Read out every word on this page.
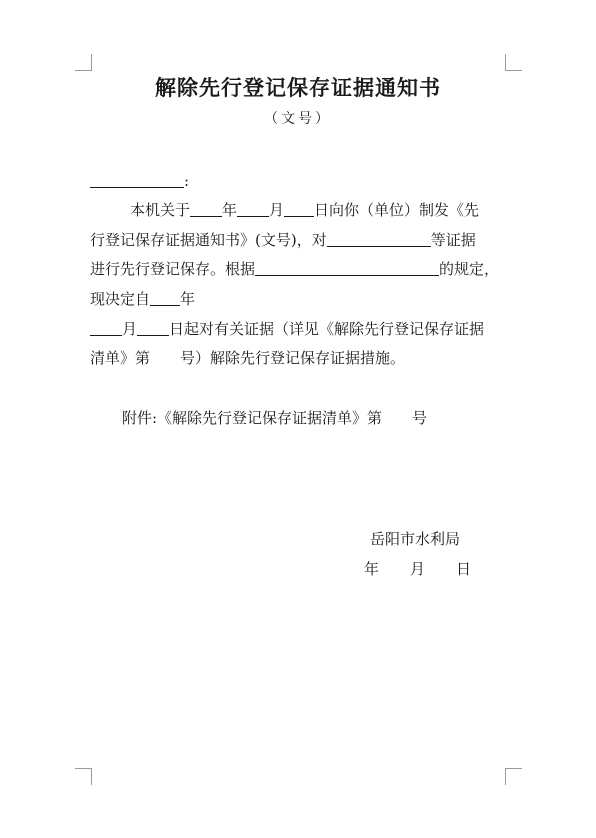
解除先行登记保存证据通知书
（文号）
:
本机关于 年 月 日向你（单位）制发《先
行登记保存证据通知书》(文号)，对	等证据
进行先行登记保存。根据	的规定，
现决定自 年
月 日起对有关证据（详见《解除先行登记保存证据
清单》第　　号）解除先行登记保存证据措施。
附件:《解除先行登记保存证据清单》第　　号
岳阳市水利局
年 月 日
